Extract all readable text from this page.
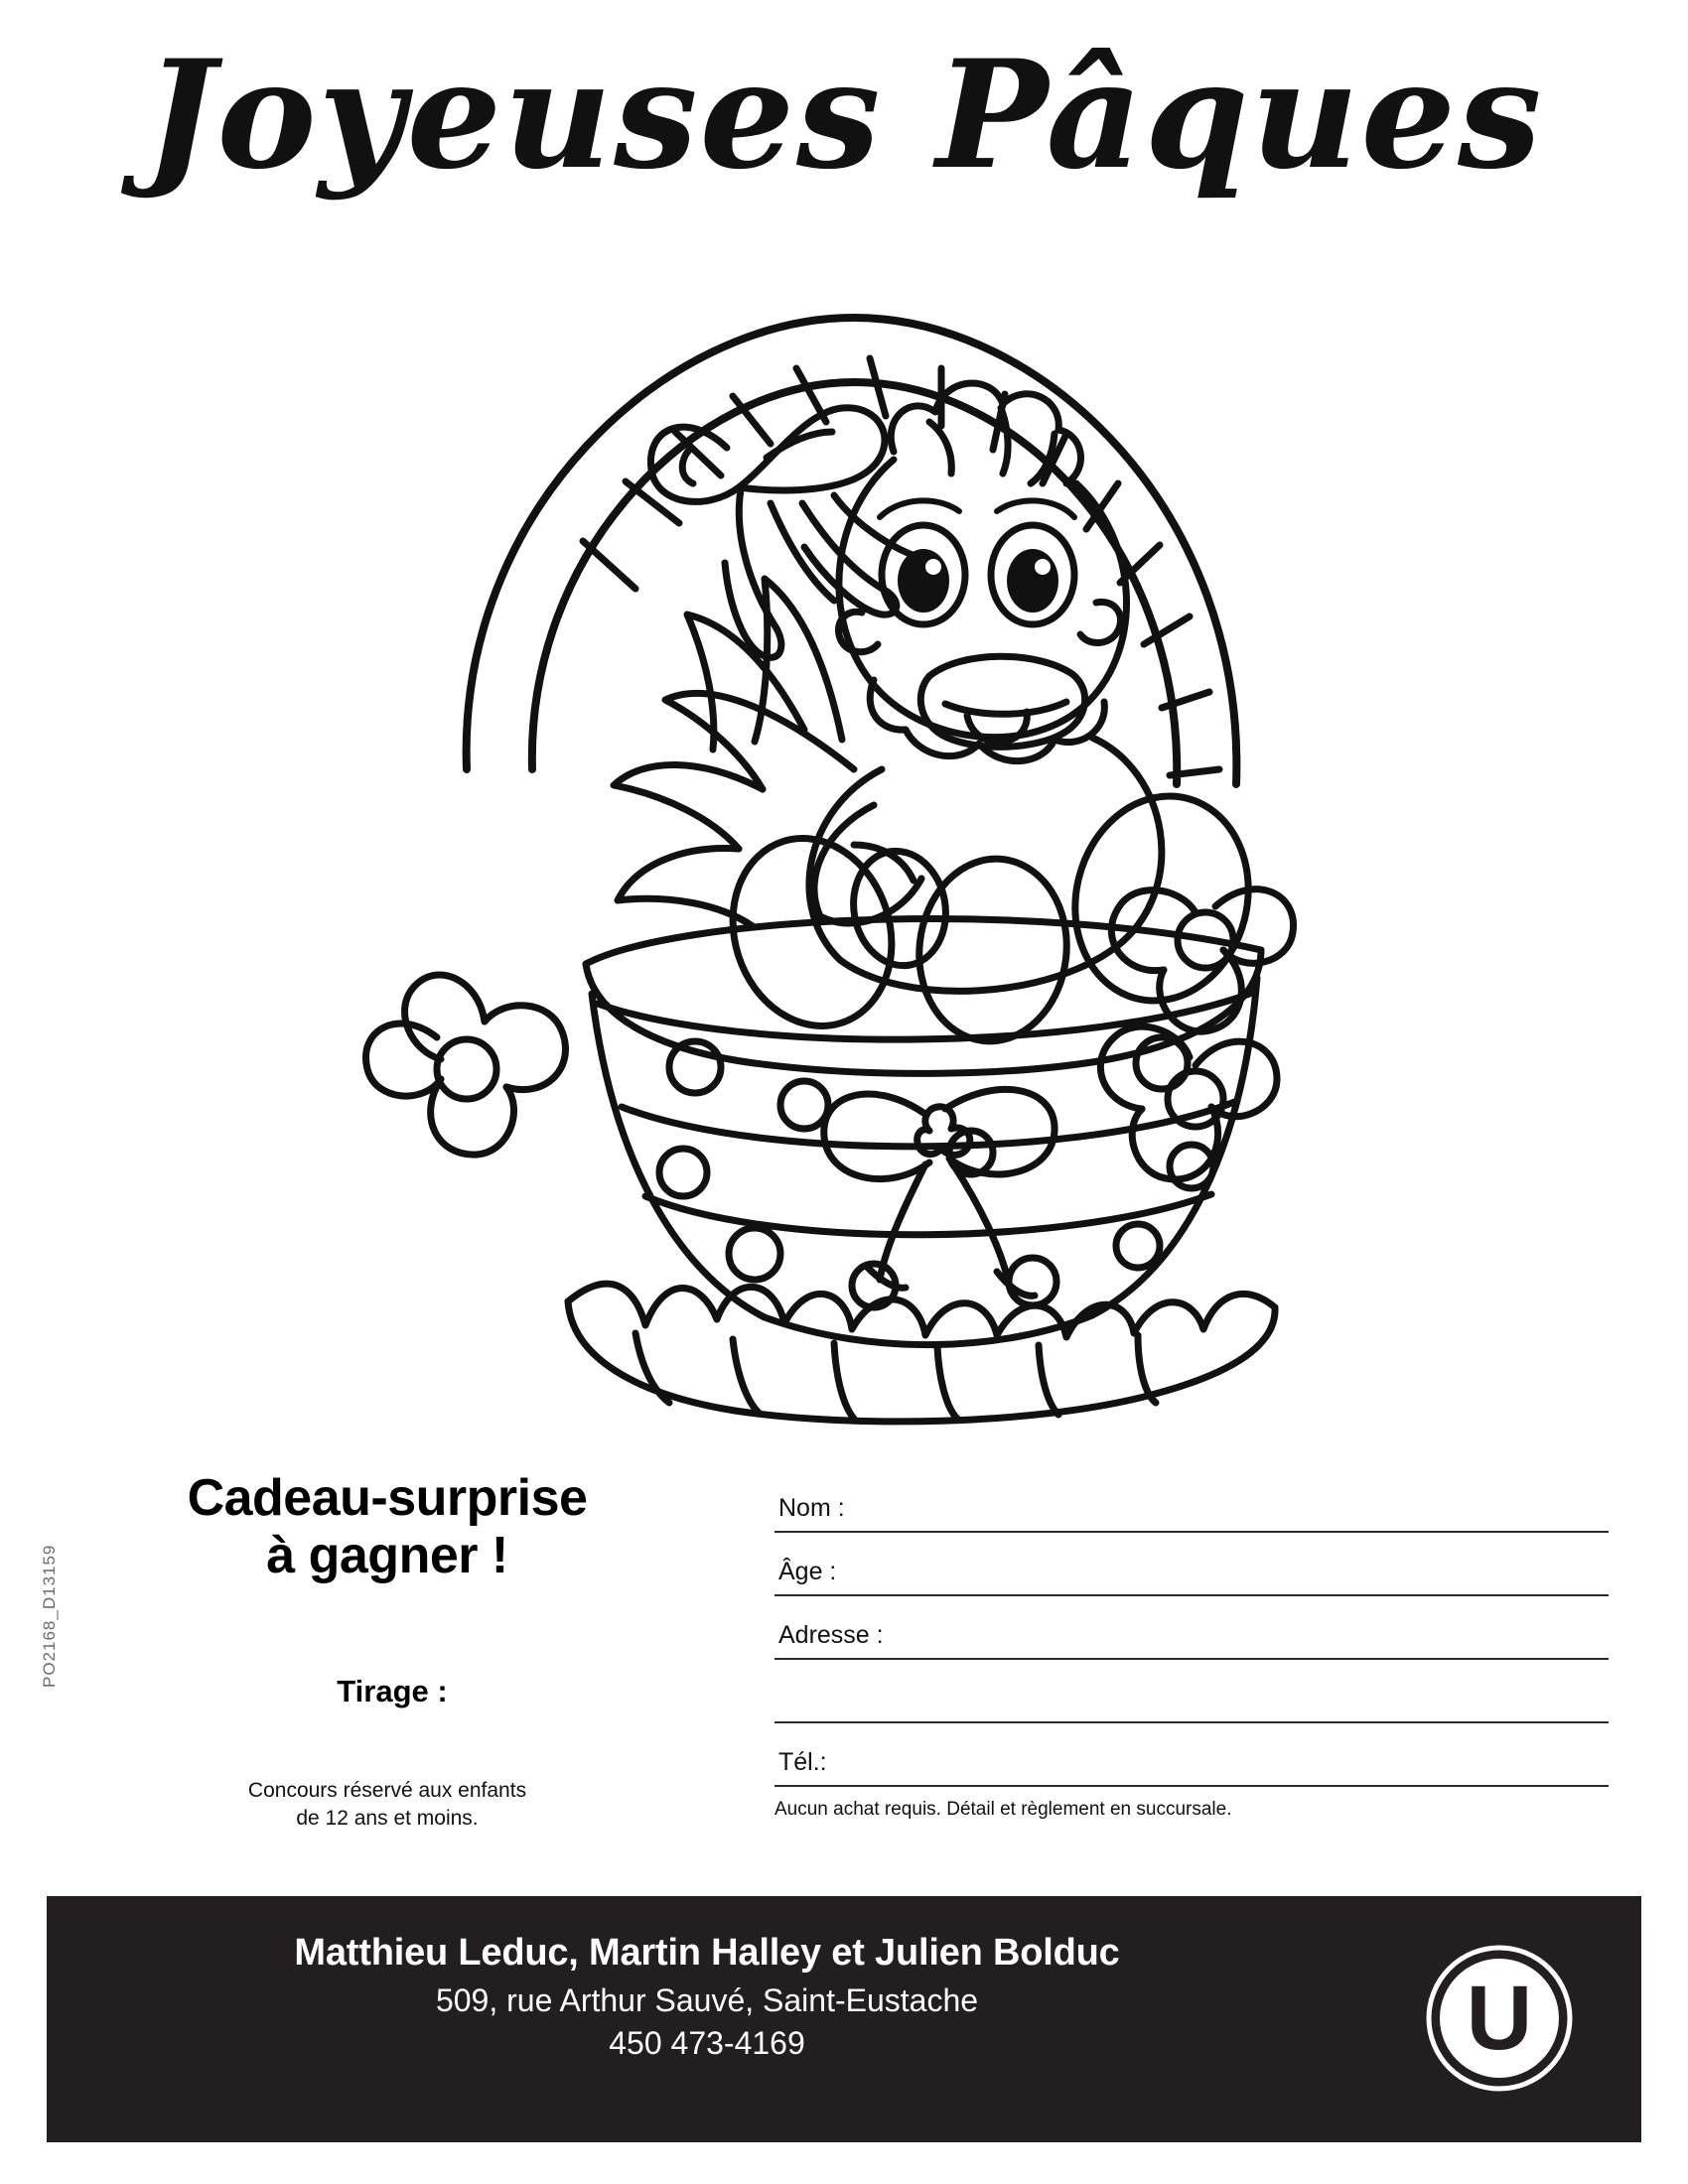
Joyeuses Pâques
PO2168_D13159
Cadeau-surprise
à gagner !
Tirage :
Concours réservé aux enfants
de 12 ans et moins.
Nom :
Âge :
Adresse :
Tél.:
Aucun achat requis. Détail et règlement en succursale.
Matthieu Leduc, Martin Halley et Julien Bolduc
509, rue Arthur Sauvé, Saint-Eustache
450 473-4169	U
